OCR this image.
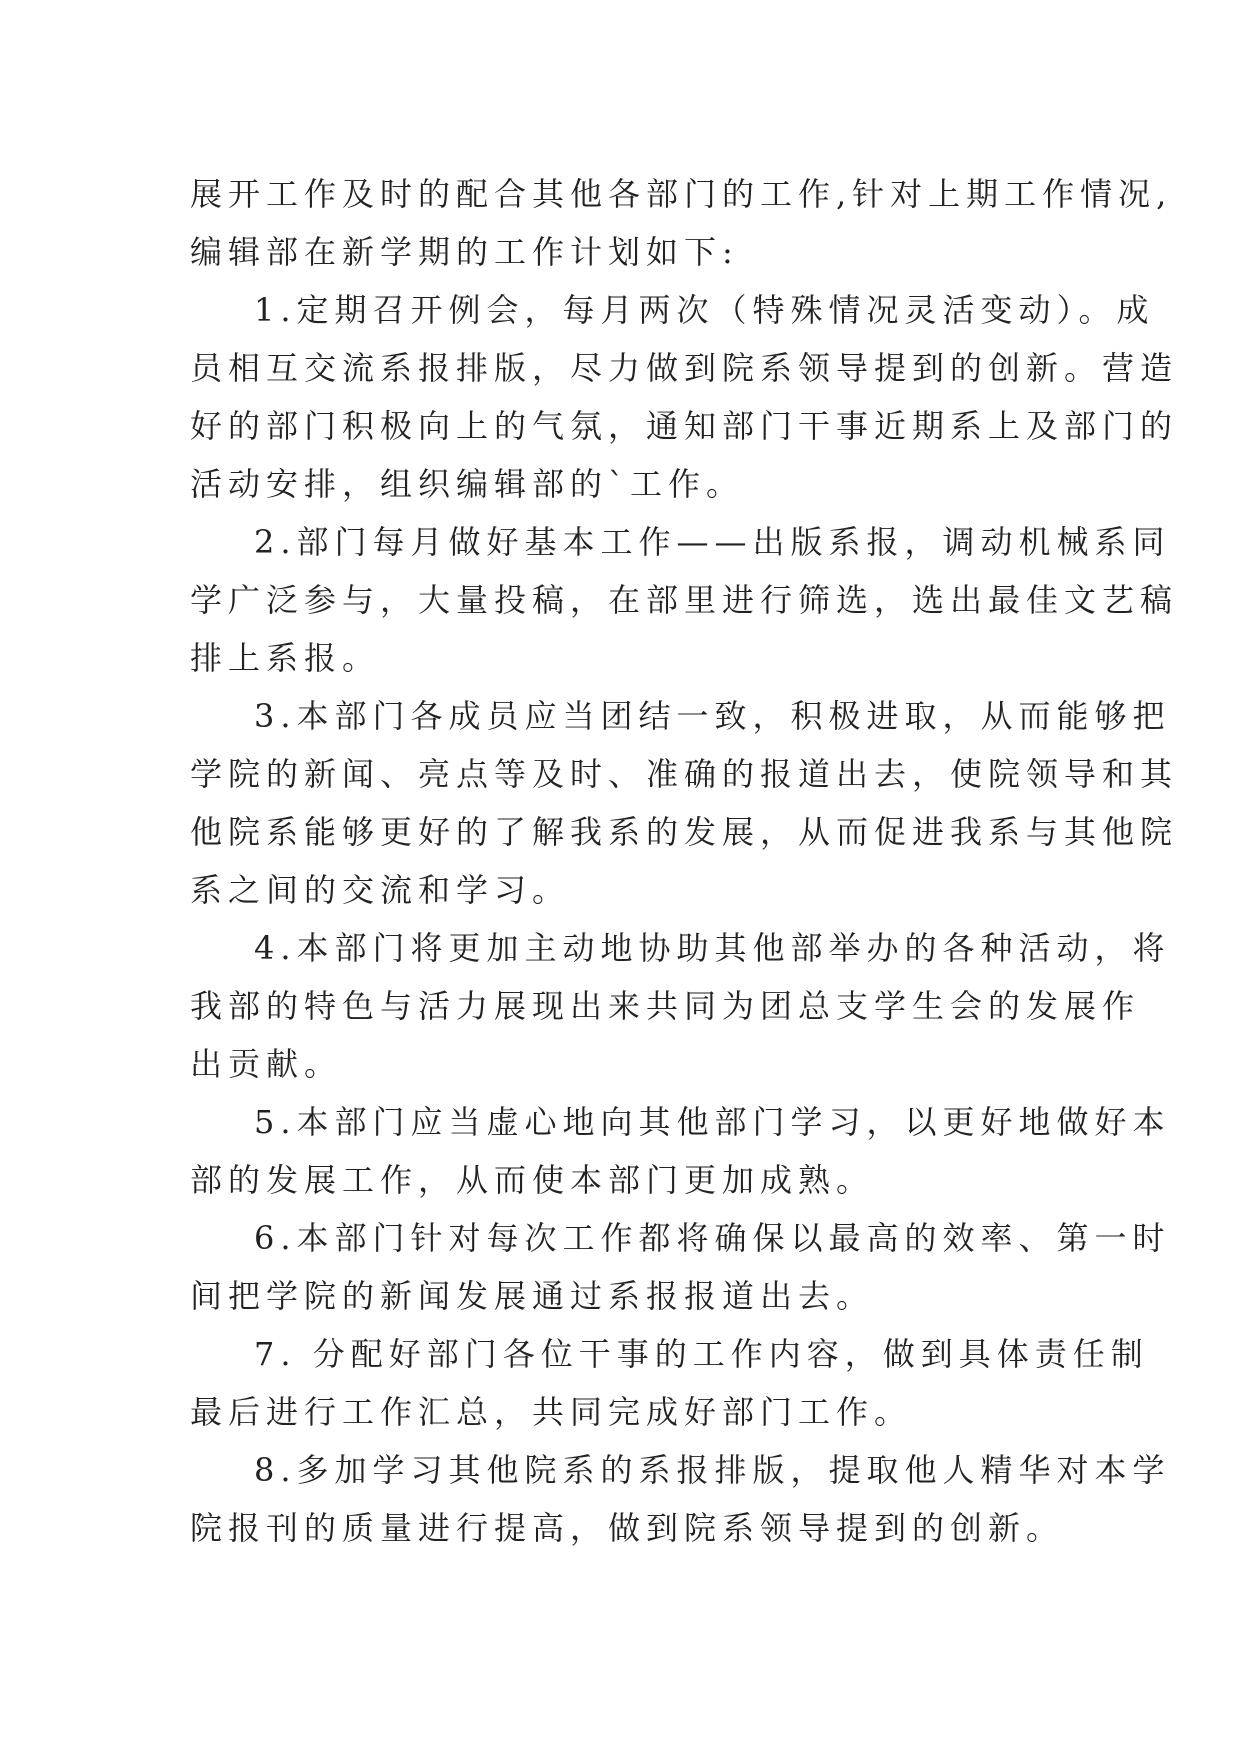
展开工作及时的配合其他各部门的工作,针对上期工作情况,
编辑部在新学期的工作计划如下:

1.定期召开例会，每月两次（特殊情况灵活变动）。成
员相互交流系报排版，尽力做到院系领导提到的创新。营造
好的部门积极向上的气氛，通知部门干事近期系上及部门的
活动安排，组织编辑部的`工作。

2.部门每月做好基本工作——出版系报，调动机械系同
学广泛参与，大量投稿，在部里进行筛选，选出最佳文艺稿
排上系报。

3.本部门各成员应当团结一致，积极进取，从而能够把
学院的新闻、亮点等及时、准确的报道出去，使院领导和其
他院系能够更好的了解我系的发展，从而促进我系与其他院
系之间的交流和学习。

4.本部门将更加主动地协助其他部举办的各种活动，将
我部的特色与活力展现出来共同为团总支学生会的发展作
出贡献。

5.本部门应当虚心地向其他部门学习，以更好地做好本
部的发展工作，从而使本部门更加成熟。

6.本部门针对每次工作都将确保以最高的效率、第一时
间把学院的新闻发展通过系报报道出去。

7. 分配好部门各位干事的工作内容，做到具体责任制
最后进行工作汇总，共同完成好部门工作。

8.多加学习其他院系的系报排版，提取他人精华对本学
院报刊的质量进行提高，做到院系领导提到的创新。
